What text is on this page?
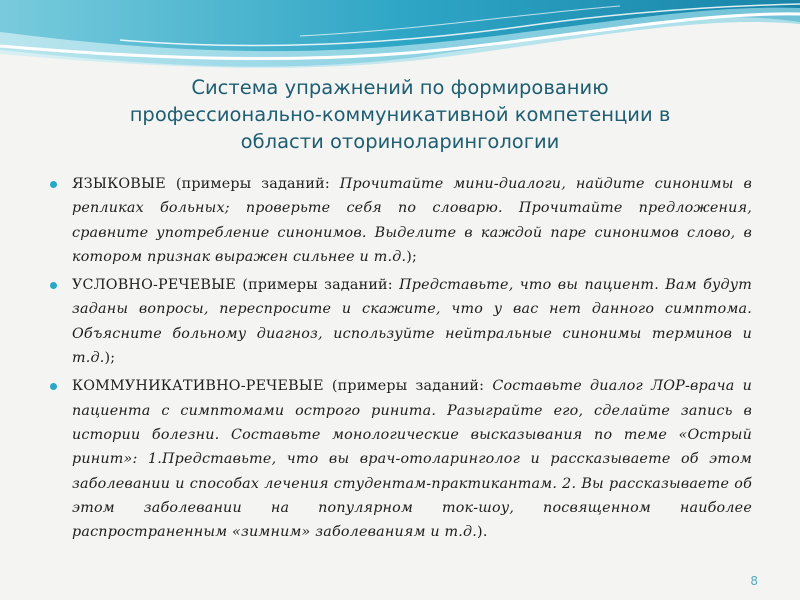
Система упражнений по формированию
профессионально-коммуникативной компетенции в
области оториноларингологии
ЯЗЫКОВЫЕ (примеры заданий: Прочитайте мини-диалоги, найдите синонимы в репликах больных; проверьте себя по словарю. Прочитайте предложения, сравните употребление синонимов. Выделите в каждой паре синонимов слово, в котором признак выражен сильнее и т.д.);
УСЛОВНО-РЕЧЕВЫЕ (примеры заданий: Представьте, что вы пациент. Вам будут заданы вопросы, переспросите и скажите, что у вас нет данного симптома. Объясните больному диагноз, используйте нейтральные синонимы терминов и т.д.);
КОММУНИКАТИВНО-РЕЧЕВЫЕ (примеры заданий: Составьте диалог ЛОР-врача и пациента с симптомами острого ринита. Разыграйте его, сделайте запись в истории болезни. Составьте монологические высказывания по теме «Острый ринит»: 1.Представьте, что вы врач-отоларинголог и рассказываете об этом заболевании и способах лечения студентам-практикантам. 2. Вы рассказываете об этом заболевании на популярном ток-шоу, посвященном наиболее распространенным «зимним» заболеваниям и т.д.).
8
